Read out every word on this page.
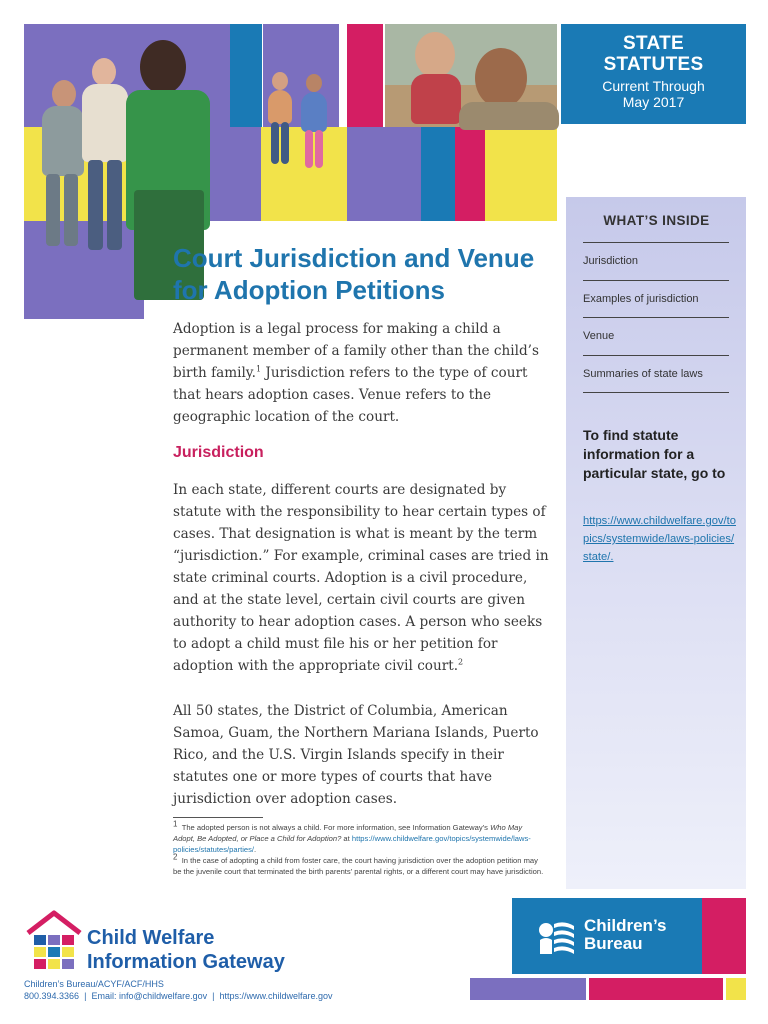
STATE
STATUTES
Current Through
May 2017
Court Jurisdiction and Venue for Adoption Petitions

Adoption is a legal process for making a child a permanent member of a family other than the child’s birth family.$^1$ Jurisdiction refers to the type of court that hears adoption cases. Venue refers to the geographic location of the court.

Jurisdiction

In each state, different courts are designated by statute with the responsibility to hear certain types of cases. That designation is what is meant by the term “jurisdiction.” For example, criminal cases are tried in state criminal courts. Adoption is a civil procedure, and at the state level, certain civil courts are given authority to hear adoption cases. A person who seeks to adopt a child must file his or her petition for adoption with the appropriate civil court.$^2$

All 50 states, the District of Columbia, American Samoa, Guam, the Northern Mariana Islands, Puerto Rico, and the U.S. Virgin Islands specify in their statutes one or more types of courts that have jurisdiction over adoption cases.

$^1$ The adopted person is not always a child. For more information, see Information Gateway’s Who May Adopt, Be Adopted, or Place a Child for Adoption? at https://www.childwelfare.gov/topics/systemwide/laws-policies/statutes/parties/.

$^2$ In the case of adopting a child from foster care, the court having jurisdiction over the adoption petition may be the juvenile court that terminated the birth parents’ parental rights, or a different court may have jurisdiction.

WHAT’S INSIDE
Jurisdiction
Examples of jurisdiction
Venue
Summaries of state laws
To find statute information for a particular state, go to
https://www.childwelfare.gov/topics/systemwide/laws-policies/state/.
Child Welfare
Information Gateway
Children’s Bureau/ACYF/ACF/HHS
800.394.3366 | Email: info@childwelfare.gov | https://www.childwelfare.gov
Children’s
Bureau
